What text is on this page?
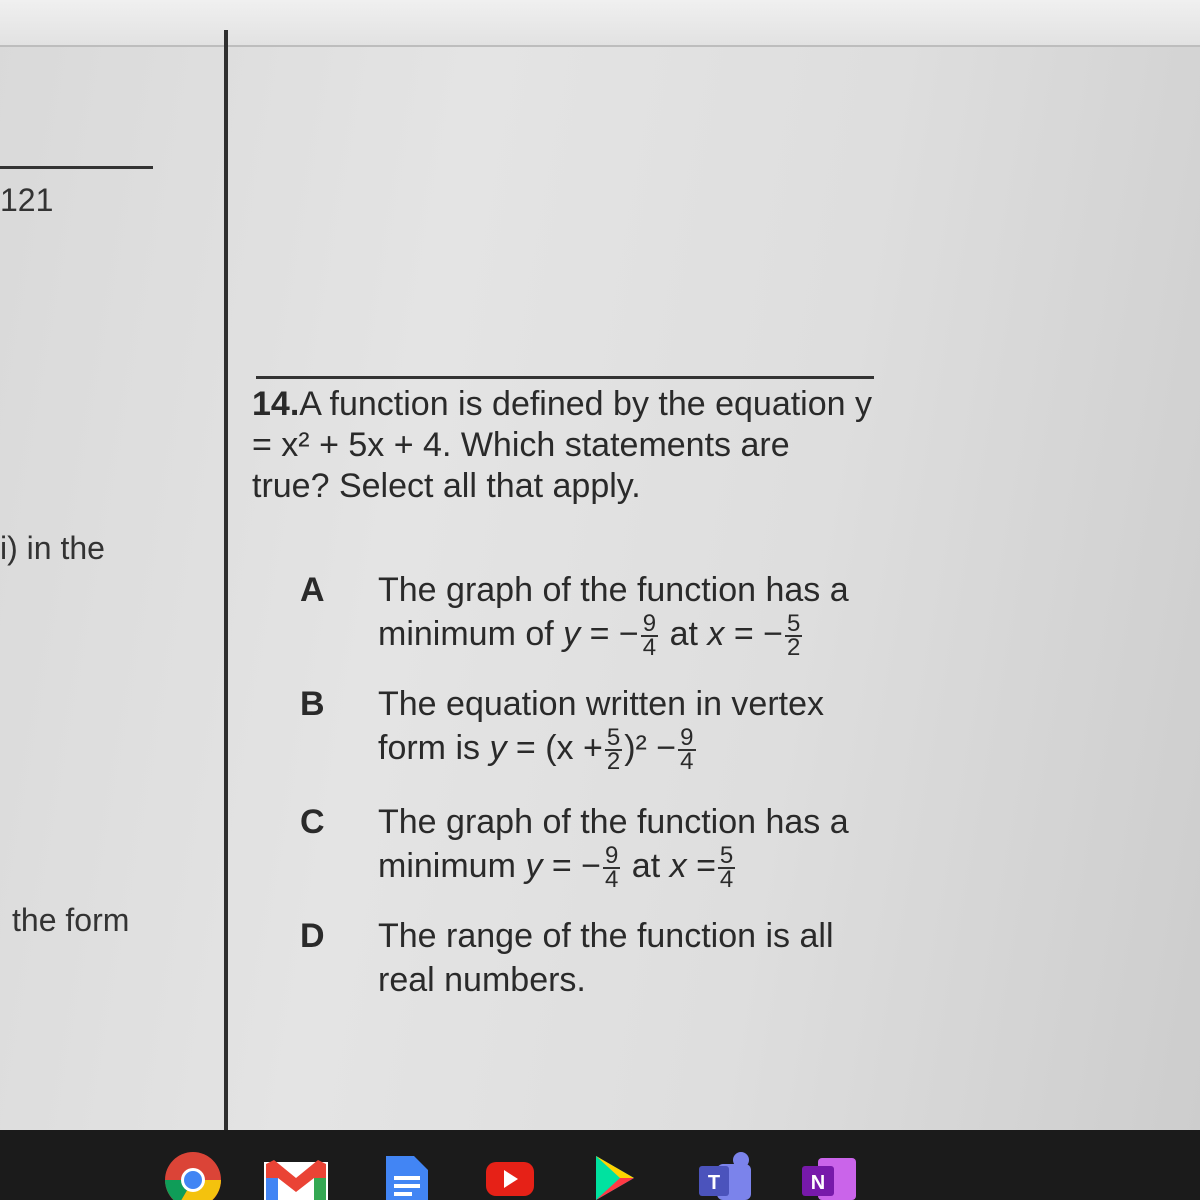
121
i) in the
the form
14.A function is defined by the equation y = x² + 5x + 4. Which statements are true? Select all that apply.
A	The graph of the function has a minimum of y = − $\frac{9}{4}$ at x = − $\frac{5}{2}$
B	The equation written in vertex form is $y = (x + \frac{5}{2} )^2 - \frac{9}{4}$
C	The graph of the function has a minimum y = − $\frac{9}{4}$ at $x = \frac{5}{4}$
D	The range of the function is all real numbers.
T	N
